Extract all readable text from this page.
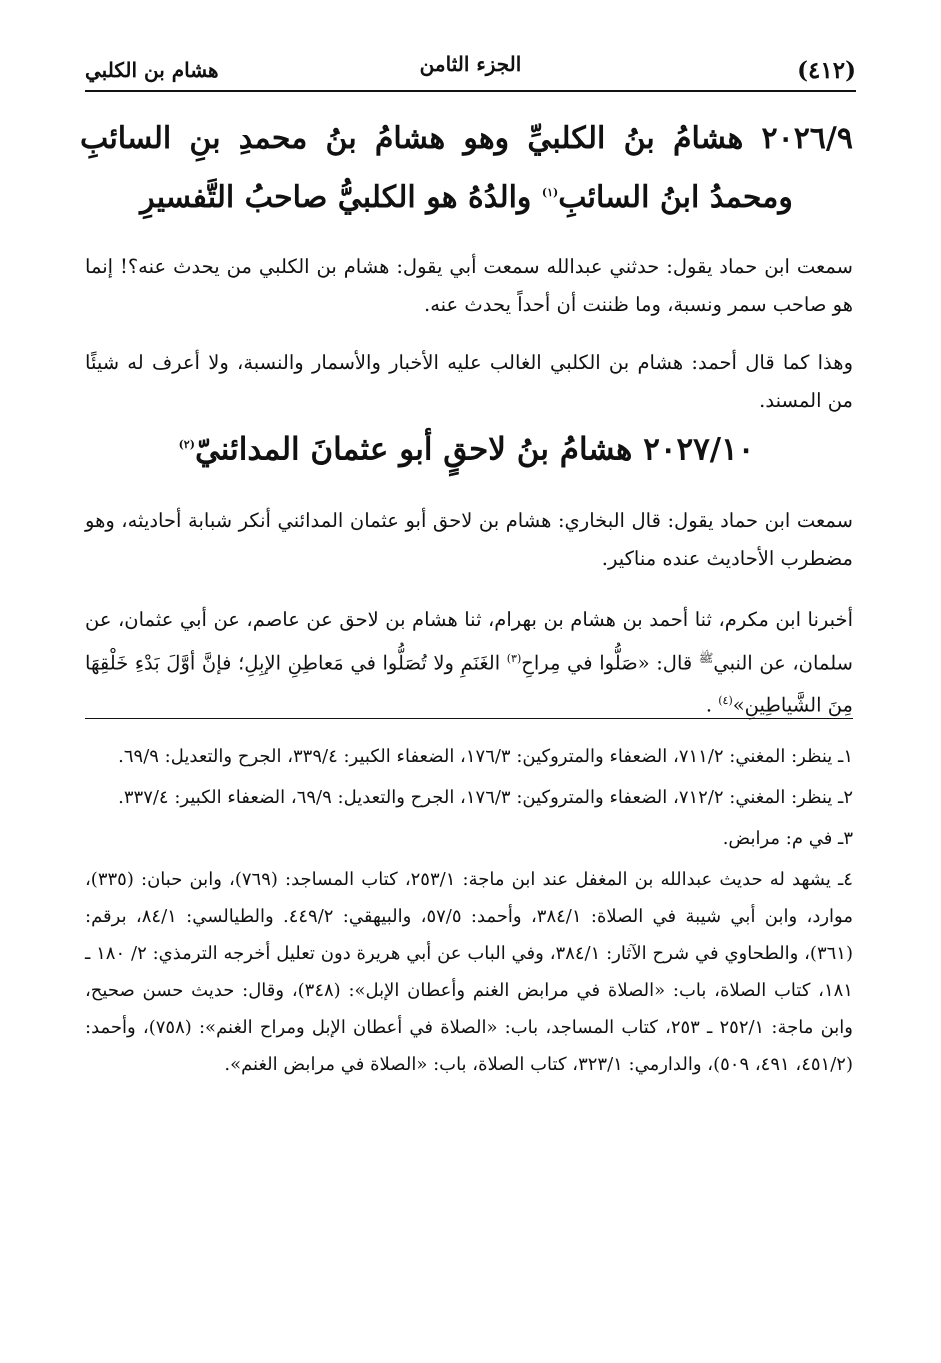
(٤١٢)
الجزء الثامن
هشام بن الكلبي
٢٠٢٦/٩ هشامُ بنُ الكلبيِّ وهو هشامُ بنُ محمدِ بنِ السائبِ ومحمدُ ابنُ السائبِ$^{(١)}$ والدُهُ هو الكلبيُّ صاحبُ التَّفسيرِ

سمعت ابن حماد يقول: حدثني عبدالله سمعت أبي يقول: هشام بن الكلبي من يحدث عنه؟! إنما هو صاحب سمر ونسبة، وما ظننت أن أحداً يحدث عنه.

وهذا كما قال أحمد: هشام بن الكلبي الغالب عليه الأخبار والأسمار والنسبة، ولا أعرف له شيئًا من المسند.

٢٠٢٧/١٠ هشامُ بنُ لاحقٍ أبو عثمانَ المدائنيّ$^{(٢)}$

سمعت ابن حماد يقول: قال البخاري: هشام بن لاحق أبو عثمان المدائني أنكر شبابة أحاديثه، وهو مضطرب الأحاديث عنده مناكير.

أخبرنا ابن مكرم، ثنا أحمد بن هشام بن بهرام، ثنا هشام بن لاحق عن عاصم، عن أبي عثمان، عن سلمان، عن النبي$^ﷺ$ قال: «صَلُّوا في مِراحِ$^{(٣)}$ الغَنَمِ ولا تُصَلُّوا في مَعاطِنِ الإبِلِ؛ فإنَّ أوَّلَ بَدْءِ خَلْقِهَا مِنَ الشَّياطِينِ»$^{(٤)}$ .

١ـ ينظر: المغني: ٧١١/٢، الضعفاء والمتروكين: ١٧٦/٣، الضعفاء الكبير: ٣٣٩/٤، الجرح والتعديل: ٦٩/٩.

٢ـ ينظر: المغني: ٧١٢/٢، الضعفاء والمتروكين: ١٧٦/٣، الجرح والتعديل: ٦٩/٩، الضعفاء الكبير: ٣٣٧/٤.

٣ـ في م: مرابض.

٤ـ يشهد له حديث عبدالله بن المغفل عند ابن ماجة: ٢٥٣/١، كتاب المساجد: (٧٦٩)، وابن حبان: (٣٣٥)، موارد، وابن أبي شيبة في الصلاة: ٣٨٤/١، وأحمد: ٥٧/٥، والبيهقي: ٤٤٩/٢. والطيالسي: ٨٤/١، برقم: (٣٦١)، والطحاوي في شرح الآثار: ٣٨٤/١، وفي الباب عن أبي هريرة دون تعليل أخرجه الترمذي: ٢/ ١٨٠ ـ ١٨١، كتاب الصلاة، باب: «الصلاة في مرابض الغنم وأعطان الإبل»: (٣٤٨)، وقال: حديث حسن صحيح، وابن ماجة: ٢٥٢/١ ـ ٢٥٣، كتاب المساجد، باب: «الصلاة في أعطان الإبل ومراح الغنم»: (٧٥٨)، وأحمد: (٤٥١/٢، ٤٩١، ٥٠٩)، والدارمي: ٣٢٣/١، كتاب الصلاة، باب: «الصلاة في مرابض الغنم».
